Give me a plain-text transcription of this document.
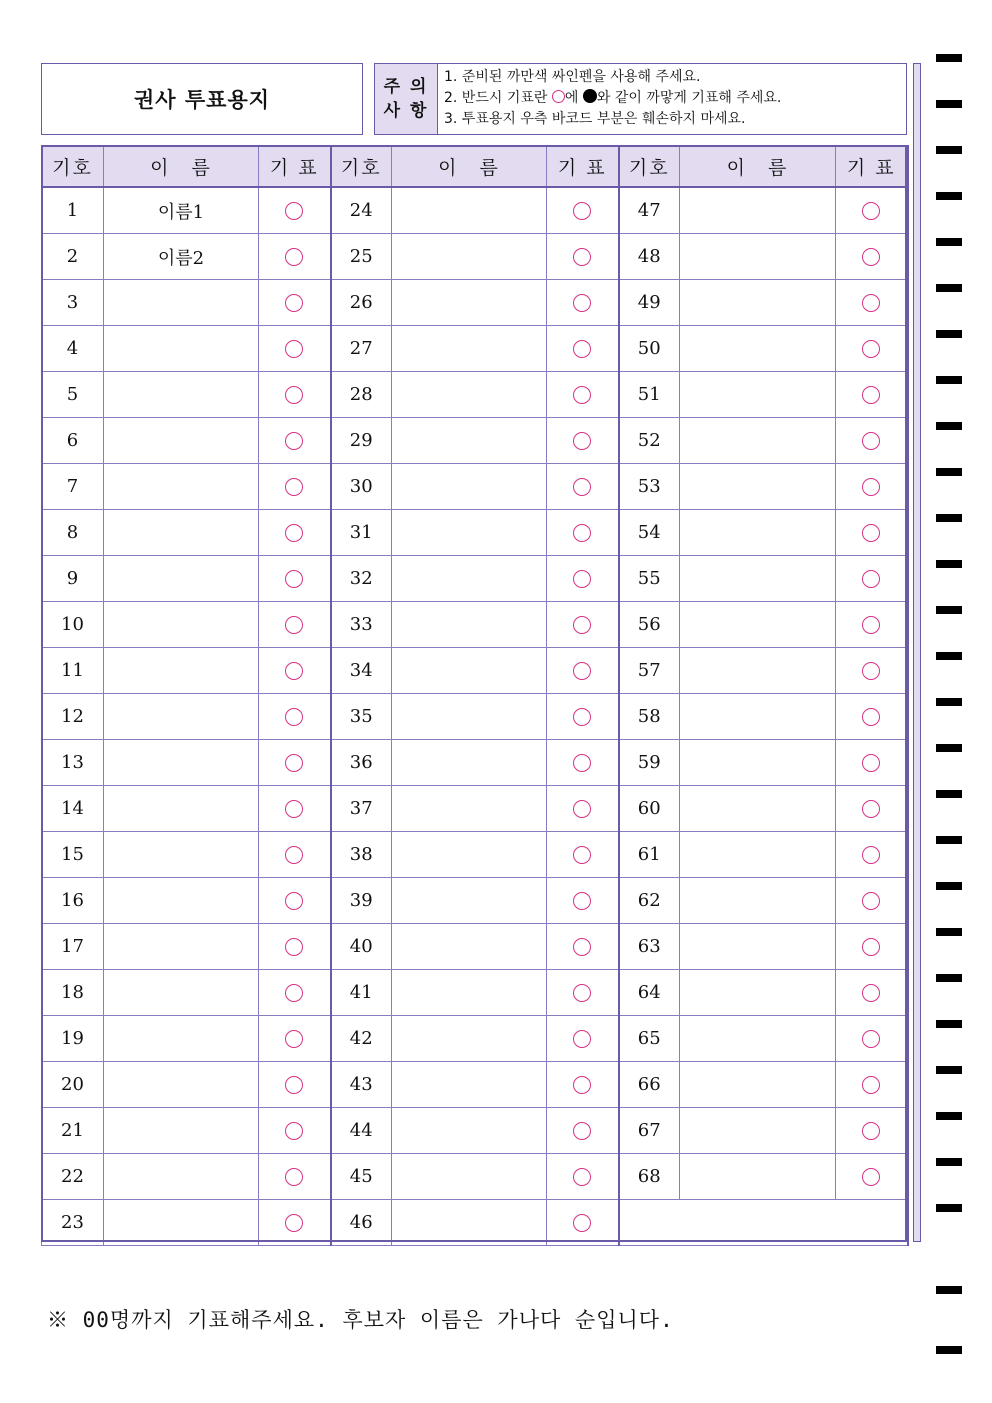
권사 투표용지
주 의
사 항
1. 준비된 까만색 싸인펜을 사용해 주세요.
2. 반드시 기표란 에 와 같이 까맣게 기표해 주세요.
3. 투표용지 우측 바코드 부분은 훼손하지 마세요.
기호	이　름	기 표	기호	이　름	기 표	기호	이　름	기 표
1	이름1		24			47		
2	이름2		25			48		
3			26			49		
4			27			50		
5			28			51		
6			29			52		
7			30			53		
8			31			54		
9			32			55		
10			33			56		
11			34			57		
12			35			58		
13			36			59		
14			37			60		
15			38			61		
16			39			62		
17			40			63		
18			41			64		
19			42			65		
20			43			66		
21			44			67		
22			45			68		
23			46					
※ 00명까지 기표해주세요. 후보자 이름은 가나다 순입니다.
